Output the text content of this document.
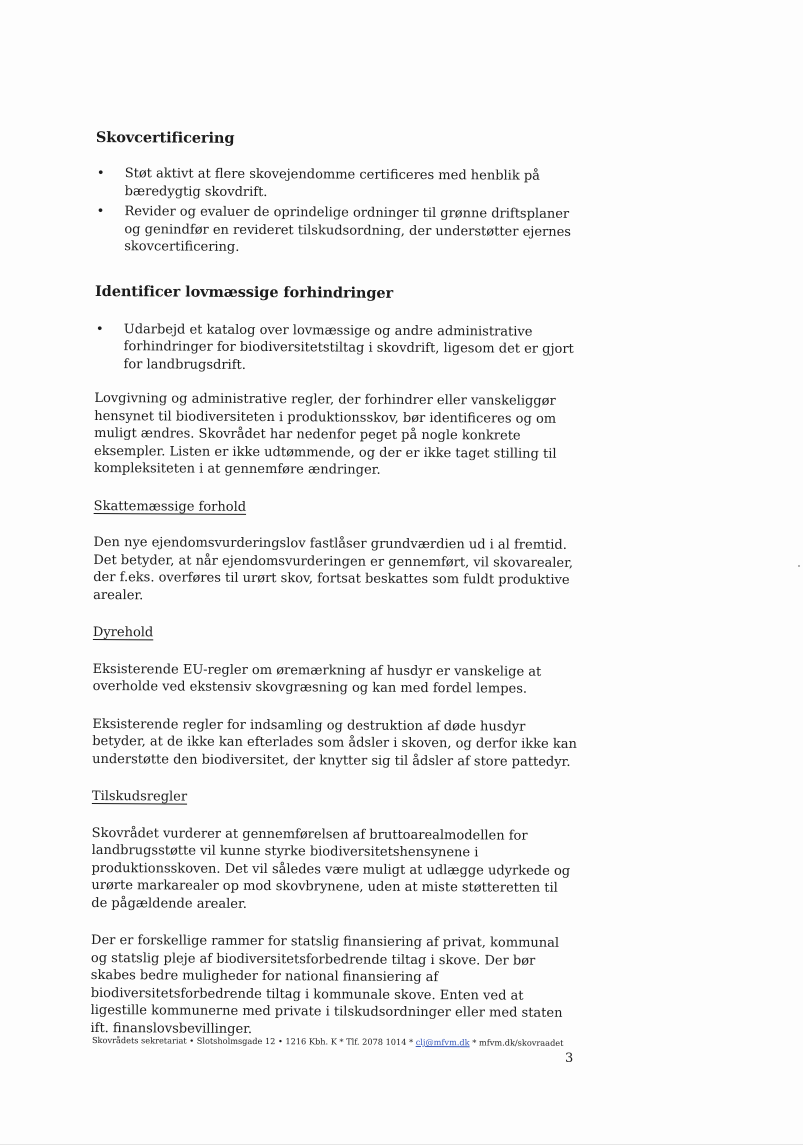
Skovcertificering
• Støt aktivt at flere skovejendomme certificeres med henblik på bæredygtig skovdrift.
• Revider og evaluer de oprindelige ordninger til grønne driftsplaner og genindfør en revideret tilskudsordning, der understøtter ejernes skovcertificering.
Identificer lovmæssige forhindringer
• Udarbejd et katalog over lovmæssige og andre administrative forhindringer for biodiversitetstiltag i skovdrift, ligesom det er gjort for landbrugsdrift.

Lovgivning og administrative regler, der forhindrer eller vanskeliggør hensynet til biodiversiteten i produktionsskov, bør identificeres og om muligt ændres. Skovrådet har nedenfor peget på nogle konkrete eksempler. Listen er ikke udtømmende, og der er ikke taget stilling til kompleksiteten i at gennemføre ændringer.

Skattemæssige forhold

Den nye ejendomsvurderingslov fastlåser grundværdien ud i al fremtid. Det betyder, at når ejendomsvurderingen er gennemført, vil skovarealer, der f.eks. overføres til urørt skov, fortsat beskattes som fuldt produktive arealer.

Dyrehold

Eksisterende EU-regler om øremærkning af husdyr er vanskelige at overholde ved ekstensiv skovgræsning og kan med fordel lempes.

Eksisterende regler for indsamling og destruktion af døde husdyr betyder, at de ikke kan efterlades som ådsler i skoven, og derfor ikke kan understøtte den biodiversitet, der knytter sig til ådsler af store pattedyr.

Tilskudsregler

Skovrådet vurderer at gennemførelsen af bruttoarealmodellen for landbrugsstøtte vil kunne styrke biodiversitetshensynene i produktionsskoven. Det vil således være muligt at udlægge udyrkede og urørte markarealer op mod skovbrynene, uden at miste støtteretten til de pågældende arealer.

Der er forskellige rammer for statslig finansiering af privat, kommunal og statslig pleje af biodiversitetsforbedrende tiltag i skove. Der bør skabes bedre muligheder for national finansiering af biodiversitetsforbedrende tiltag i kommunale skove. Enten ved at ligestille kommunerne med private i tilskudsordninger eller med staten ift. finanslovsbevillinger.

Skovrådets sekretariat • Slotsholmsgade 12 • 1216 Kbh. K * Tlf. 2078 1014 * clj@mfvm.dk * mfvm.dk/skovraadet
3
